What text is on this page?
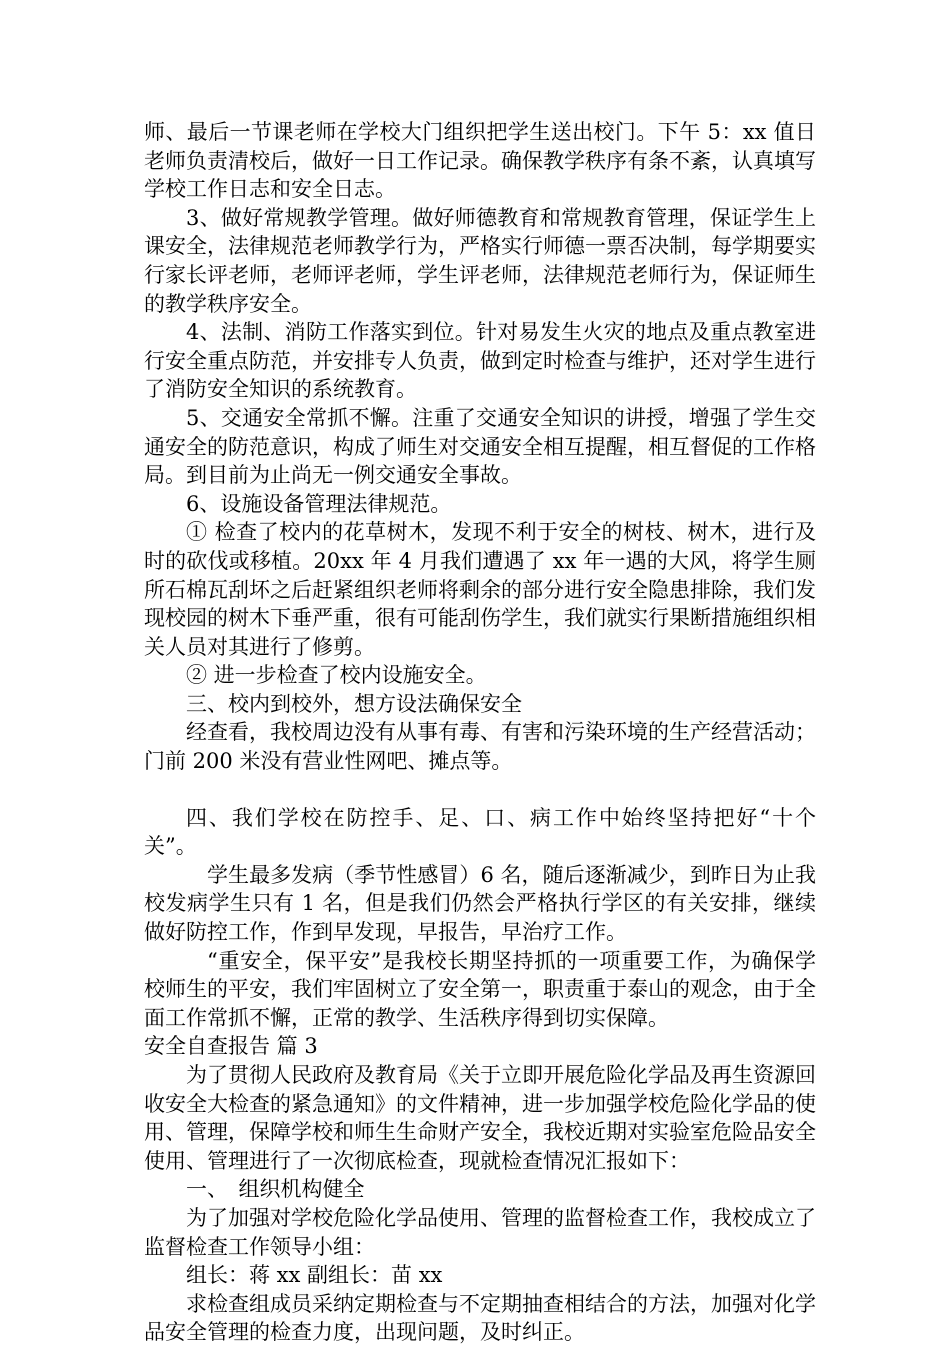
师、最后一节课老师在学校大门组织把学生送出校门。下午 5：xx 值日老师负责清校后，做好一日工作记录。确保教学秩序有条不紊，认真填写学校工作日志和安全日志。

3、做好常规教学管理。做好师德教育和常规教育管理，保证学生上课安全，法律规范老师教学行为，严格实行师德一票否决制，每学期要实行家长评老师，老师评老师，学生评老师，法律规范老师行为，保证师生的教学秩序安全。

4、法制、消防工作落实到位。针对易发生火灾的地点及重点教室进行安全重点防范，并安排专人负责，做到定时检查与维护，还对学生进行了消防安全知识的系统教育。

5、交通安全常抓不懈。注重了交通安全知识的讲授，增强了学生交通安全的防范意识，构成了师生对交通安全相互提醒，相互督促的工作格局。到目前为止尚无一例交通安全事故。

6、设施设备管理法律规范。

① 检查了校内的花草树木，发现不利于安全的树枝、树木，进行及时的砍伐或移植。20xx 年 4 月我们遭遇了 xx 年一遇的大风，将学生厕所石棉瓦刮坏之后赶紧组织老师将剩余的部分进行安全隐患排除，我们发现校园的树木下垂严重，很有可能刮伤学生，我们就实行果断措施组织相关人员对其进行了修剪。

② 进一步检查了校内设施安全。

三、校内到校外，想方设法确保安全

经查看，我校周边没有从事有毒、有害和污染环境的生产经营活动；门前 200 米没有营业性网吧、摊点等。

四、我们学校在防控手、足、口、病工作中始终坚持把好“十个关”。

学生最多发病（季节性感冒）6 名，随后逐渐减少，到昨日为止我校发病学生只有 1 名，但是我们仍然会严格执行学区的有关安排，继续做好防控工作，作到早发现，早报告，早治疗工作。

“重安全，保平安”是我校长期坚持抓的一项重要工作，为确保学校师生的平安，我们牢固树立了安全第一，职责重于泰山的观念，由于全面工作常抓不懈，正常的教学、生活秩序得到切实保障。

安全自查报告 篇 3

为了贯彻人民政府及教育局《关于立即开展危险化学品及再生资源回收安全大检查的紧急通知》的文件精神，进一步加强学校危险化学品的使用、管理，保障学校和师生生命财产安全，我校近期对实验室危险品安全使用、管理进行了一次彻底检查，现就检查情况汇报如下：

一、　组织机构健全

为了加强对学校危险化学品使用、管理的监督检查工作，我校成立了监督检查工作领导小组：

组长：蒋 xx 副组长：苗 xx

求检查组成员采纳定期检查与不定期抽查相结合的方法，加强对化学品安全管理的检查力度，出现问题，及时纠正。
